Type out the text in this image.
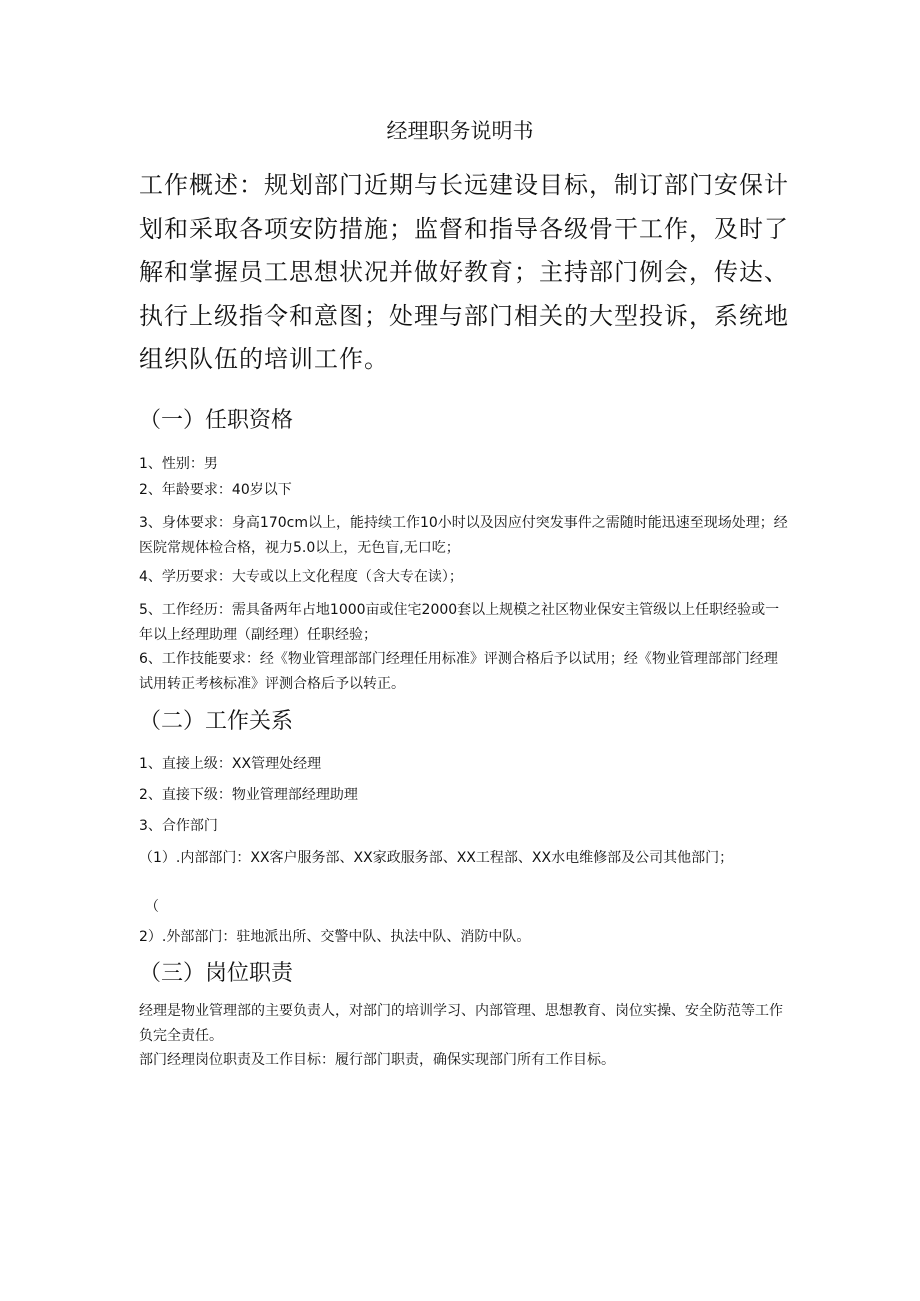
经理职务说明书
工作概述：规划部门近期与长远建设目标，制订部门安保计划和采取各项安防措施；监督和指导各级骨干工作，及时了解和掌握员工思想状况并做好教育；主持部门例会，传达、执行上级指令和意图；处理与部门相关的大型投诉，系统地组织队伍的培训工作。
（一）任职资格
1、性别：男
2、年龄要求：40岁以下
3、身体要求：身高170cm以上，能持续工作10小时以及因应付突发事件之需随时能迅速至现场处理；经医院常规体检合格，视力5.0以上，无色盲,无口吃；
4、学历要求：大专或以上文化程度（含大专在读）；
5、工作经历：需具备两年占地1000亩或住宅2000套以上规模之社区物业保安主管级以上任职经验或一年以上经理助理（副经理）任职经验；
6、工作技能要求：经《物业管理部部门经理任用标准》评测合格后予以试用；经《物业管理部部门经理试用转正考核标准》评测合格后予以转正。
（二）工作关系
1、直接上级：XX管理处经理
2、直接下级：物业管理部经理助理
3、合作部门
（1）.内部部门：XX客户服务部、XX家政服务部、XX工程部、XX水电维修部及公司其他部门；
（
2）.外部部门：驻地派出所、交警中队、执法中队、消防中队。
（三）岗位职责
经理是物业管理部的主要负责人，对部门的培训学习、内部管理、思想教育、岗位实操、安全防范等工作负完全责任。
部门经理岗位职责及工作目标：履行部门职责，确保实现部门所有工作目标。
